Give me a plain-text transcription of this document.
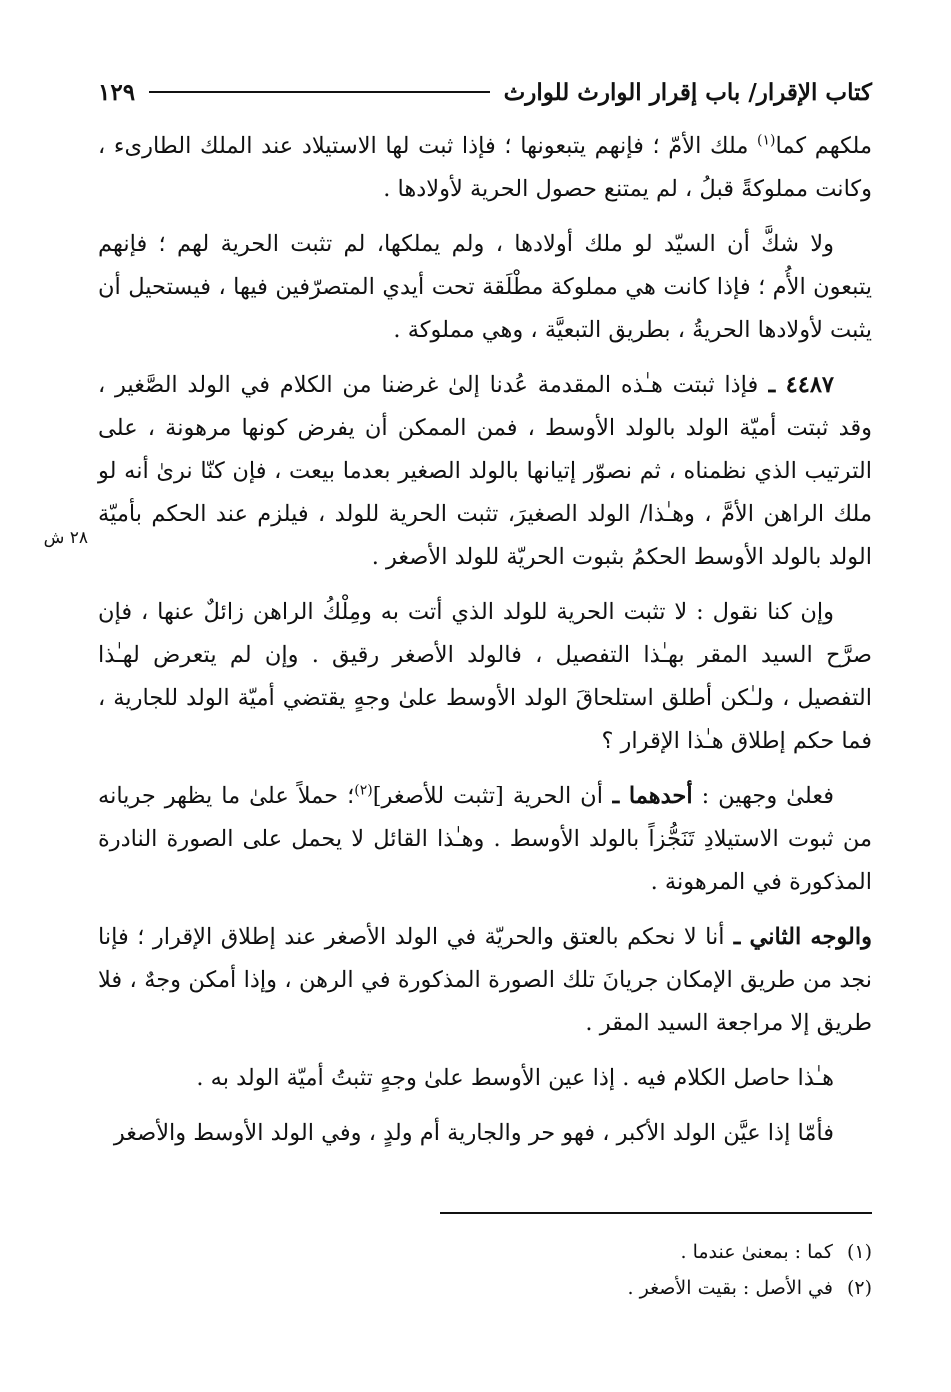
كتاب الإقرار/ باب إقرار الوارث للوارث
١٢٩

ملكهم كما$^{(١)}$ ملك الأمّ ؛ فإنهم يتبعونها ؛ فإذا ثبت لها الاستيلاد عند الملك الطارىء ، وكانت مملوكةً قبلُ ، لم يمتنع حصول الحرية لأولادها .

ولا شكَّ أن السيّد لو ملك أولادها ، ولم يملكها، لم تثبت الحرية لهم ؛ فإنهم يتبعون الأُم ؛ فإذا كانت هي مملوكة مطْلَقة تحت أيدي المتصرّفين فيها ، فيستحيل أن يثبت لأولادها الحريةُ ، بطريق التبعيَّة ، وهي مملوكة .

٤٤٨٧ ـ فإذا ثبتت هـٰذه المقدمة عُدنا إلىٰ غرضنا من الكلام في الولد الصَّغير ، وقد ثبتت أميّة الولد بالولد الأوسط ، فمن الممكن أن يفرض كونها مرهونة ، على الترتيب الذي نظمناه ، ثم نصوّر إتيانها بالولد الصغير بعدما بيعت ، فإن كنّا نرىٰ أنه لو ملك الراهن الأمَّ ، وهـٰذا/ الولد الصغيرَ، تثبت الحرية للولد ، فيلزم عند الحكم بأميّة الولد بالولد الأوسط الحكمُ بثبوت الحريّة للولد الأصغر .

وإن كنا نقول : لا تثبت الحرية للولد الذي أتت به ومِلْكُ الراهن زائلٌ عنها ، فإن صرَّح السيد المقر بهـٰذا التفصيل ، فالولد الأصغر رقيق . وإن لم يتعرض لهـٰذا التفصيل ، ولـٰكن أطلق استلحاقَ الولد الأوسط علىٰ وجهٍ يقتضي أميّة الولد للجارية ، فما حكم إطلاق هـٰذا الإقرار ؟

فعلىٰ وجهين : أحدهما ـ أن الحرية [تثبت للأصغر]$^{(٢)}$؛ حملاً علىٰ ما يظهر جريانه من ثبوت الاستيلادِ تَنَجُّزاً بالولد الأوسط . وهـٰذا القائل لا يحمل على الصورة النادرة المذكورة في المرهونة .

والوجه الثاني ـ أنا لا نحكم بالعتق والحريّة في الولد الأصغر عند إطلاق الإقرار ؛ فإنا نجد من طريق الإمكان جريانَ تلك الصورة المذكورة في الرهن ، وإذا أمكن وجهٌ ، فلا طريق إلا مراجعة السيد المقر .

هـٰذا حاصل الكلام فيه . إذا عين الأوسط علىٰ وجهٍ تثبتُ أميّة الولد به .

فأمّا إذا عيَّن الولد الأكبر ، فهو حر والجارية أم ولدٍ ، وفي الولد الأوسط والأصغر

٢٨ ش
(١)
كما : بمعنىٰ عندما .
(٢)
في الأصل : بقيت الأصغر .
